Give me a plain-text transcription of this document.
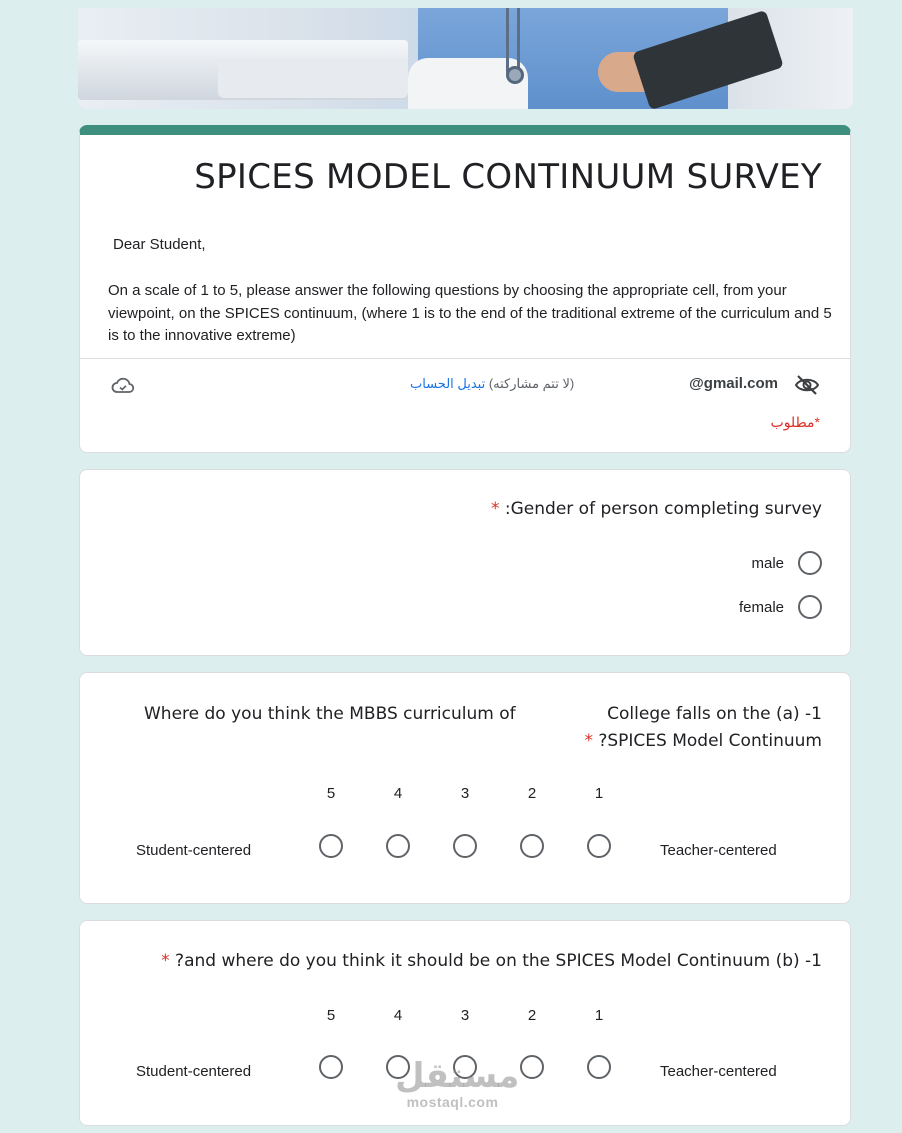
SPICES MODEL CONTINUUM SURVEY
Dear Student,
On a scale of 1 to 5, please answer the following questions by choosing the appropriate cell, from your viewpoint, on the SPICES continuum, (where 1 is to the end of the traditional extreme of the curriculum and 5 is to the innovative extreme)
(لا تتم مشاركته) تبديل الحساب	@gmail.com
*مطلوب
* :Gender of person completing survey
male
female
College falls on the (a) -1
Where do you think the MBBS curriculum of
* ?SPICES Model Continuum
5	4	3	2	1
Student-centered	Teacher-centered
* ?and where do you think it should be on the SPICES Model Continuum (b) -1
5	4	3	2	1
Student-centered	Teacher-centered
مستقل
mostaql.com
